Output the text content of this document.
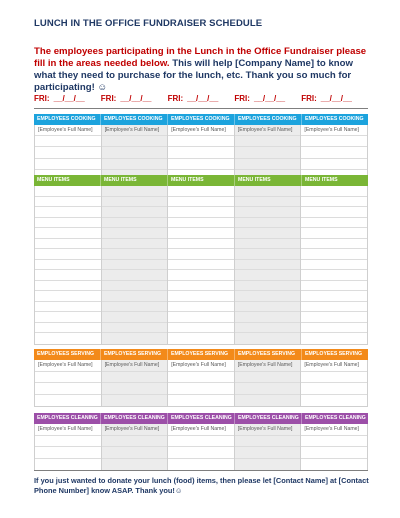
LUNCH IN THE OFFICE FUNDRAISER SCHEDULE
The employees participating in the Lunch in the Office Fundraiser please fill in the areas needed below. This will help [Company Name] to know what they need to purchase for the lunch, etc. Thank you so much for participating! ☺
FRI: __/__/__	FRI: __/__/__	FRI: __/__/__	FRI: __/__/__	FRI: __/__/__
EMPLOYEES COOKING	EMPLOYEES COOKING	EMPLOYEES COOKING	EMPLOYEES COOKING	EMPLOYEES COOKING
[Employee's Full Name]	[Employee's Full Name]	[Employee's Full Name]	[Employee's Full Name]	[Employee's Full Name]
MENU ITEMS	MENU ITEMS	MENU ITEMS	MENU ITEMS	MENU ITEMS
EMPLOYEES SERVING	EMPLOYEES SERVING	EMPLOYEES SERVING	EMPLOYEES SERVING	EMPLOYEES SERVING
[Employee's Full Name]	[Employee's Full Name]	[Employee's Full Name]	[Employee's Full Name]	[Employee's Full Name]
EMPLOYEES CLEANING	EMPLOYEES CLEANING	EMPLOYEES CLEANING	EMPLOYEES CLEANING	EMPLOYEES CLEANING
[Employee's Full Name]	[Employee's Full Name]	[Employee's Full Name]	[Employee's Full Name]	[Employee's Full Name]
If you just wanted to donate your lunch (food) items, then please let [Contact Name] at [Contact Phone Number] know ASAP. Thank you!☺
